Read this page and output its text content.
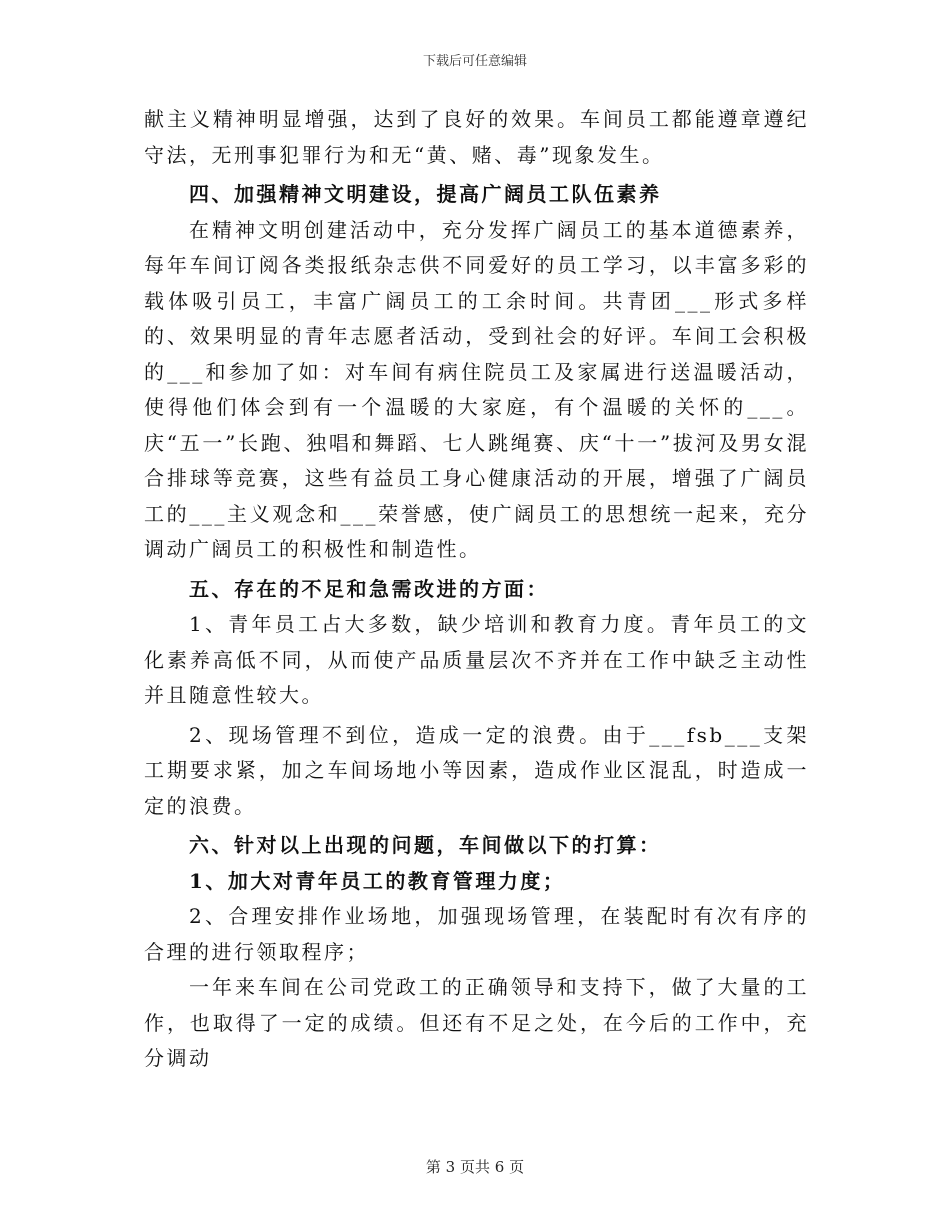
下载后可任意编辑

献主义精神明显增强，达到了良好的效果。车间员工都能遵章遵纪守法，无刑事犯罪行为和无“黄、赌、毒”现象发生。

四、加强精神文明建设，提高广阔员工队伍素养

在精神文明创建活动中，充分发挥广阔员工的基本道德素养，每年车间订阅各类报纸杂志供不同爱好的员工学习，以丰富多彩的载体吸引员工，丰富广阔员工的工余时间。共青团___形式多样的、效果明显的青年志愿者活动，受到社会的好评。车间工会积极的___和参加了如：对车间有病住院员工及家属进行送温暖活动，使得他们体会到有一个温暖的大家庭，有个温暖的关怀的___。庆“五一”长跑、独唱和舞蹈、七人跳绳赛、庆“十一”拔河及男女混合排球等竞赛，这些有益员工身心健康活动的开展，增强了广阔员工的___主义观念和___荣誉感，使广阔员工的思想统一起来，充分调动广阔员工的积极性和制造性。

五、存在的不足和急需改进的方面：

1、青年员工占大多数，缺少培训和教育力度。青年员工的文化素养高低不同，从而使产品质量层次不齐并在工作中缺乏主动性并且随意性较大。

2、现场管理不到位，造成一定的浪费。由于___fsb___支架工期要求紧，加之车间场地小等因素，造成作业区混乱，时造成一定的浪费。

六、针对以上出现的问题，车间做以下的打算：

1、加大对青年员工的教育管理力度；

2、合理安排作业场地，加强现场管理，在装配时有次有序的合理的进行领取程序；

一年来车间在公司党政工的正确领导和支持下，做了大量的工作，也取得了一定的成绩。但还有不足之处，在今后的工作中，充分调动

第 3 页共 6 页
